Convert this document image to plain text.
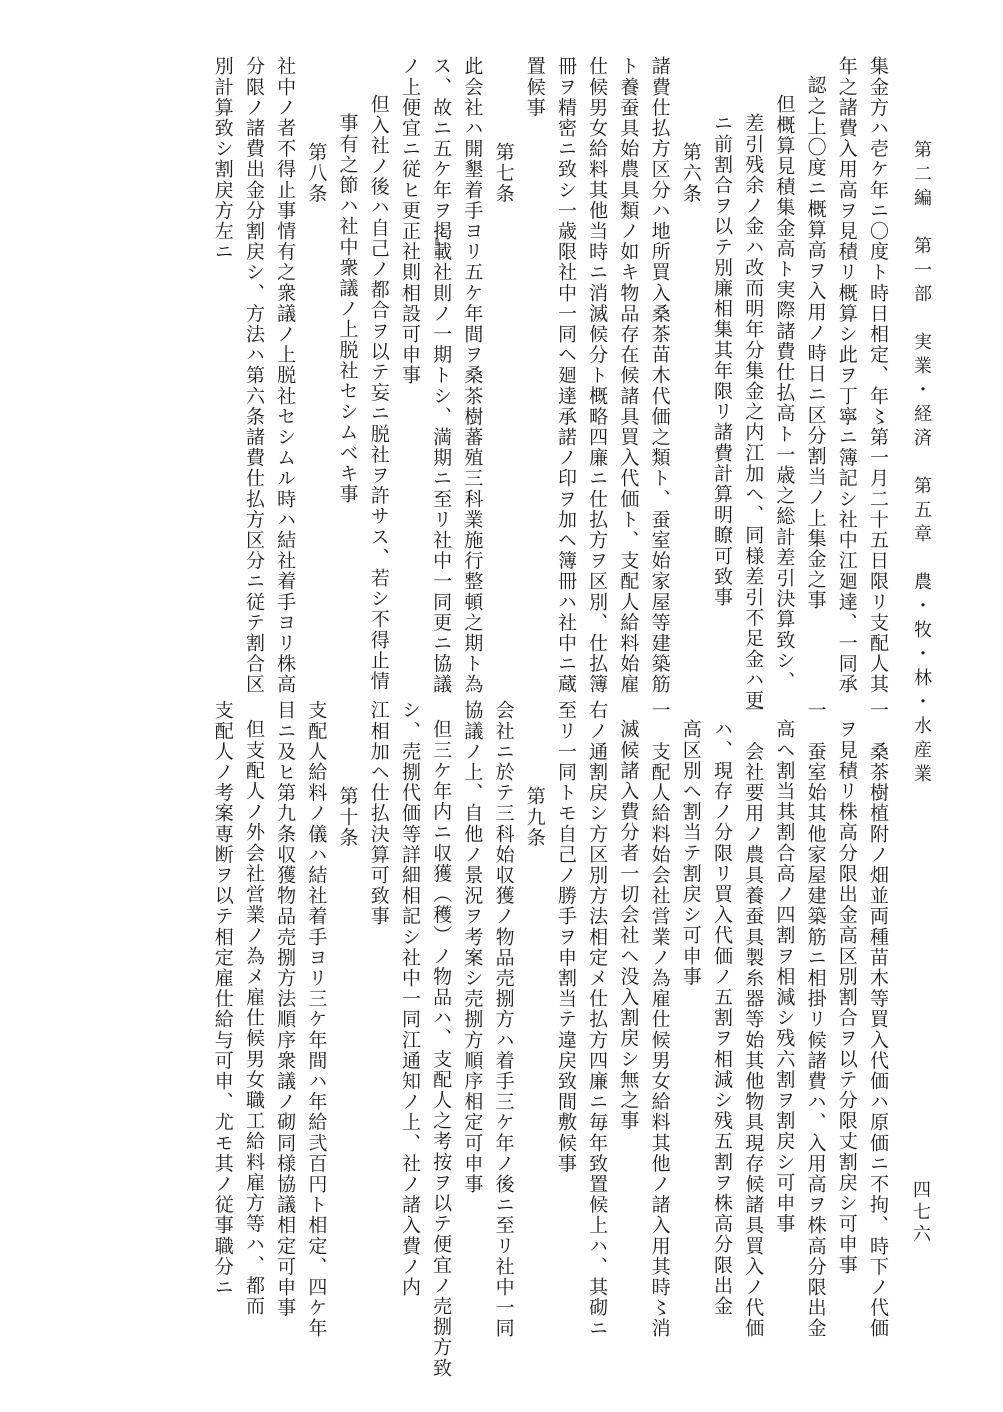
第二編　第一部　実業・経済　第五章　農・牧・林・水産業
四七六
集金方ハ壱ケ年ニ〇度ト時日相定、年〻第一月二十五日限リ支配人其
年之諸費入用高ヲ見積リ概算シ此ヲ丁寧ニ簿記シ社中江廻達、一同承
認之上〇度ニ概算高ヲ入用ノ時日ニ区分割当ノ上集金之事
但概算見積集金高ト実際諸費仕払高ト一歳之総計差引決算致シ、
差引残余ノ金ハ改而明年分集金之内江加ヘ、同様差引不足金ハ更
ニ前割合ヲ以テ別廉相集其年限リ諸費計算明瞭可致事
第六条
諸費仕払方区分ハ地所買入桑茶苗木代価之類ト、蚕室始家屋等建築筋
ト養蚕具始農具類ノ如キ物品存在候諸具買入代価ト、支配人給料始雇
仕候男女給料其他当時ニ消滅候分ト概略四廉ニ仕払方ヲ区別、仕払簿
冊ヲ精密ニ致シ一歳限社中一同ヘ廻達承諾ノ印ヲ加ヘ簿冊ハ社中ニ蔵
置候事
第七条
此会社ハ開墾着手ヨリ五ケ年間ヲ桑茶樹蕃殖三科業施行整頓之期ト為
ス、故ニ五ケ年ヲ掲載社則ノ一期トシ、満期ニ至リ社中一同更ニ協議
ノ上便宜ニ従ヒ更正社則相設可申事
但入社ノ後ハ自己ノ都合ヲ以テ妄ニ脱社ヲ許サス、若シ不得止情
事有之節ハ社中衆議ノ上脱社セシムベキ事
第八条
社中ノ者不得止事情有之衆議ノ上脱社セシムル時ハ結社着手ヨリ株高
分限ノ諸費出金分割戻シ、方法ハ第六条諸費仕払方区分ニ従テ割合区
別計算致シ割戻方左ニ
一　桑茶樹植附ノ畑並両種苗木等買入代価ハ原価ニ不拘、時下ノ代価
ヲ見積リ株高分限出金高区別割合ヲ以テ分限丈割戻シ可申事
一　蚕室始其他家屋建築筋ニ相掛リ候諸費ハ、入用高ヲ株高分限出金
高ヘ割当其割合高ノ四割ヲ相減シ残六割ヲ割戻シ可申事
一　会社要用ノ農具養蚕具製糸器等始其他物具現存候諸具買入ノ代価
ハ、現存ノ分限リ買入代価ノ五割ヲ相減シ残五割ヲ株高分限出金
高区別ヘ割当テ割戻シ可申事
一　支配人給料始会社営業ノ為雇仕候男女給料其他ノ諸入用其時〻消
滅候諸入費分者一切会社ヘ没入割戻シ無之事
右ノ通割戻シ方区別方法相定メ仕払方四廉ニ毎年致置候上ハ、其砌ニ
至リ一同トモ自己ノ勝手ヲ申割当テ違戻致間敷候事
第九条
会社ニ於テ三科始収獲ノ物品売捌方ハ着手三ケ年ノ後ニ至リ社中一同
協議ノ上、自他ノ景況ヲ考案シ売捌方順序相定可申事
但三ケ年内ニ収獲（穫）ノ物品ハ、支配人之考按ヲ以テ便宜ノ売捌方致
シ、売捌代価等詳細相記シ社中一同江通知ノ上、社ノ諸入費ノ内
江相加ヘ仕払決算可致事
第十条
支配人給料ノ儀ハ結社着手ヨリ三ケ年間ハ年給弐百円ト相定、四ケ年
目ニ及ヒ第九条収獲物品売捌方法順序衆議ノ砌同様協議相定可申事
但支配人ノ外会社営業ノ為メ雇仕候男女職工給料雇方等ハ、都而
支配人ノ考案専断ヲ以テ相定雇仕給与可申、尤モ其ノ従事職分ニ
